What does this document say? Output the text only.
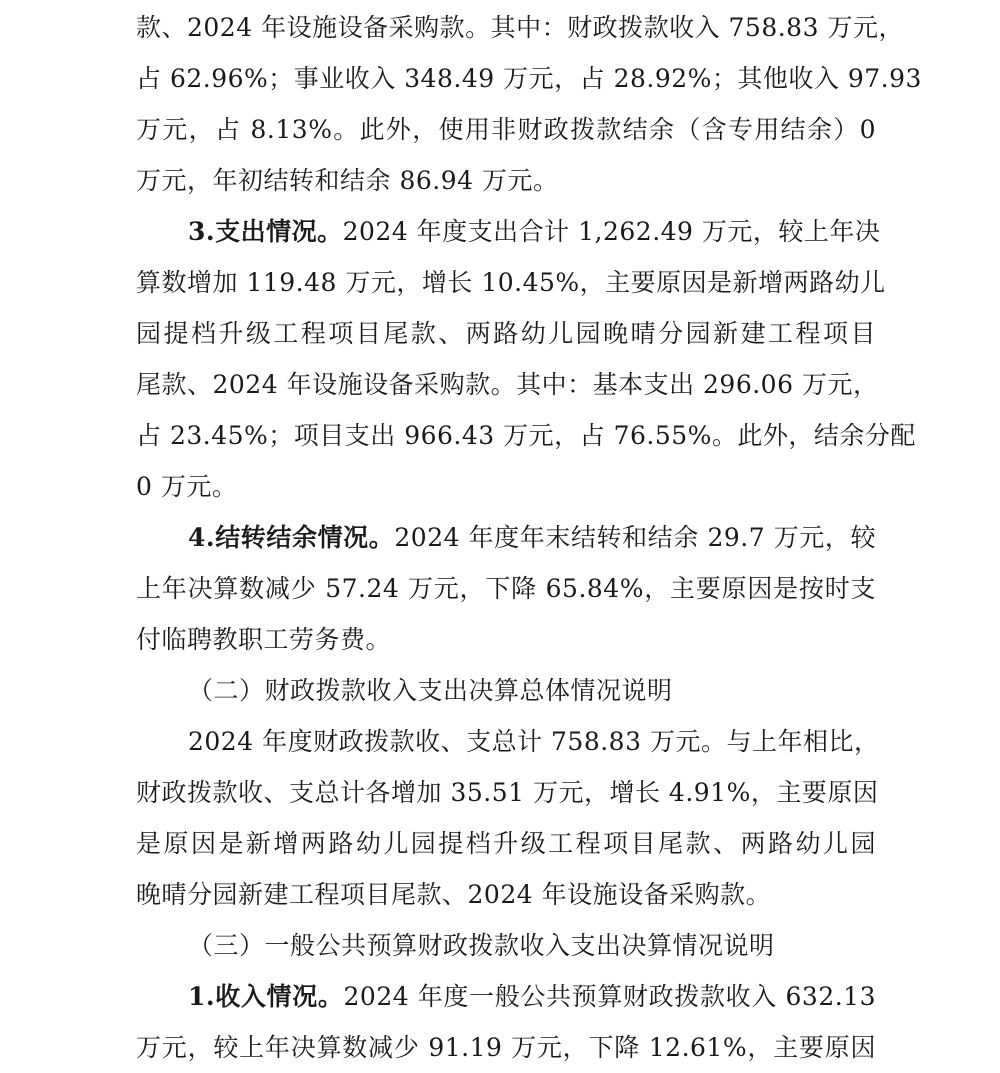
款、2024 年设施设备采购款。其中：财政拨款收入 758.83 万元，
占 62.96%；事业收入 348.49 万元，占 28.92%；其他收入 97.93
万元，占 8.13%。此外，使用非财政拨款结余（含专用结余）0
万元，年初结转和结余 86.94 万元。
3.支出情况。2024 年度支出合计 1,262.49 万元，较上年决
算数增加 119.48 万元，增长 10.45%，主要原因是新增两路幼儿
园提档升级工程项目尾款、两路幼儿园晚晴分园新建工程项目
尾款、2024 年设施设备采购款。其中：基本支出 296.06 万元，
占 23.45%；项目支出 966.43 万元，占 76.55%。此外，结余分配
0 万元。
4.结转结余情况。2024 年度年末结转和结余 29.7 万元，较
上年决算数减少 57.24 万元，下降 65.84%，主要原因是按时支
付临聘教职工劳务费。
（二）财政拨款收入支出决算总体情况说明
2024 年度财政拨款收、支总计 758.83 万元。与上年相比，
财政拨款收、支总计各增加 35.51 万元，增长 4.91%，主要原因
是原因是新增两路幼儿园提档升级工程项目尾款、两路幼儿园
晚晴分园新建工程项目尾款、2024 年设施设备采购款。
（三）一般公共预算财政拨款收入支出决算情况说明
1.收入情况。2024 年度一般公共预算财政拨款收入 632.13
万元，较上年决算数减少 91.19 万元，下降 12.61%，主要原因
